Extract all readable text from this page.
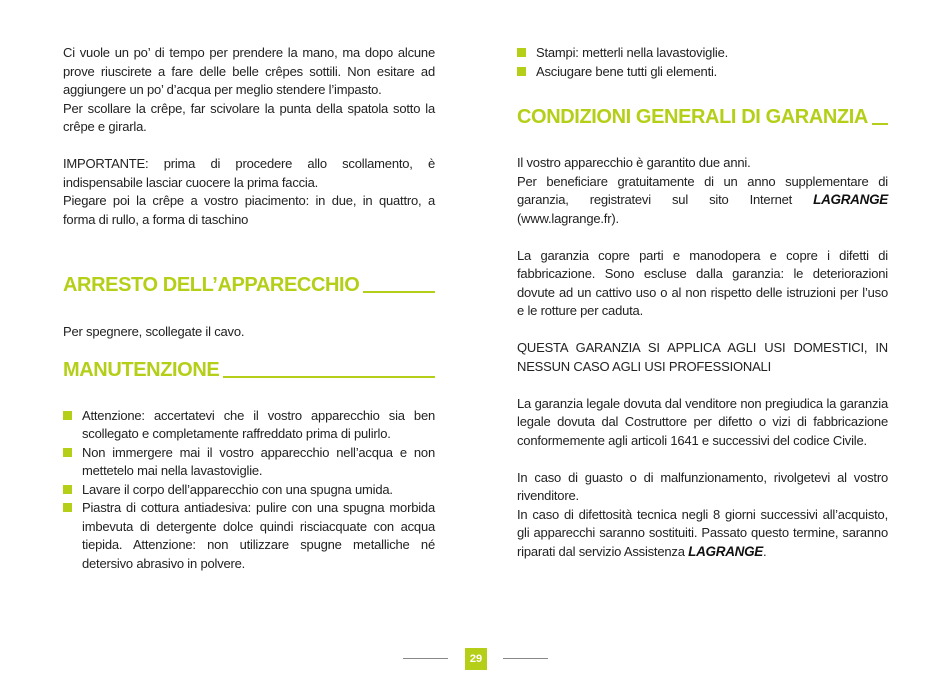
Ci vuole un po’ di tempo per prendere la mano, ma dopo alcune prove riuscirete a fare delle belle crêpes sottili. Non esitare ad aggiungere un po’ d’acqua per meglio stendere l’impasto.

Per scollare la crêpe, far scivolare la punta della spatola sotto la crêpe e girarla.

IMPORTANTE: prima di procedere allo scollamento, è indispensabile lasciar cuocere la prima faccia.

Piegare poi la crêpe a vostro piacimento: in due, in quattro, a forma di rullo, a forma di taschino

ARRESTO DELL’APPARECCHIO

Per spegnere, scollegate il cavo.

MANUTENZIONE
Attenzione: accertatevi che il vostro apparecchio sia ben scollegato e completamente raffreddato prima di pulirlo.
Non immergere mai il vostro apparecchio nell’acqua e non mettetelo mai nella lavastoviglie.
Lavare il corpo dell’apparecchio con una spugna umida.
Piastra di cottura antiadesiva: pulire con una spugna morbida imbevuta di detergente dolce quindi risciacquate con acqua tiepida. Attenzione: non utilizzare spugne metalliche né detersivo abrasivo in polvere.
Stampi: metterli nella lavastoviglie.
Asciugare bene tutti gli elementi.
CONDIZIONI GENERALI DI GARANZIA

Il vostro apparecchio è garantito due anni.

Per beneficiare gratuitamente di un anno supplementare di garanzia, registratevi sul sito Internet LAGRANGE (www.lagrange.fr).

La garanzia copre parti e manodopera e copre i difetti di fabbricazione. Sono escluse dalla garanzia: le deteriorazioni dovute ad un cattivo uso o al non rispetto delle istruzioni per l’uso e le rotture per caduta.

QUESTA GARANZIA SI APPLICA AGLI USI DOMESTICI, IN NESSUN CASO AGLI USI PROFESSIONALI

La garanzia legale dovuta dal venditore non pregiudica la garanzia legale dovuta dal Costruttore per difetto o vizi di fabbricazione conformemente agli articoli 1641 e successivi del codice Civile.

In caso di guasto o di malfunzionamento, rivolgetevi al vostro rivenditore.

In caso di difettosità tecnica negli 8 giorni successivi all’acquisto, gli apparecchi saranno sostituiti. Passato questo termine, saranno riparati dal servizio Assistenza LAGRANGE.

29
